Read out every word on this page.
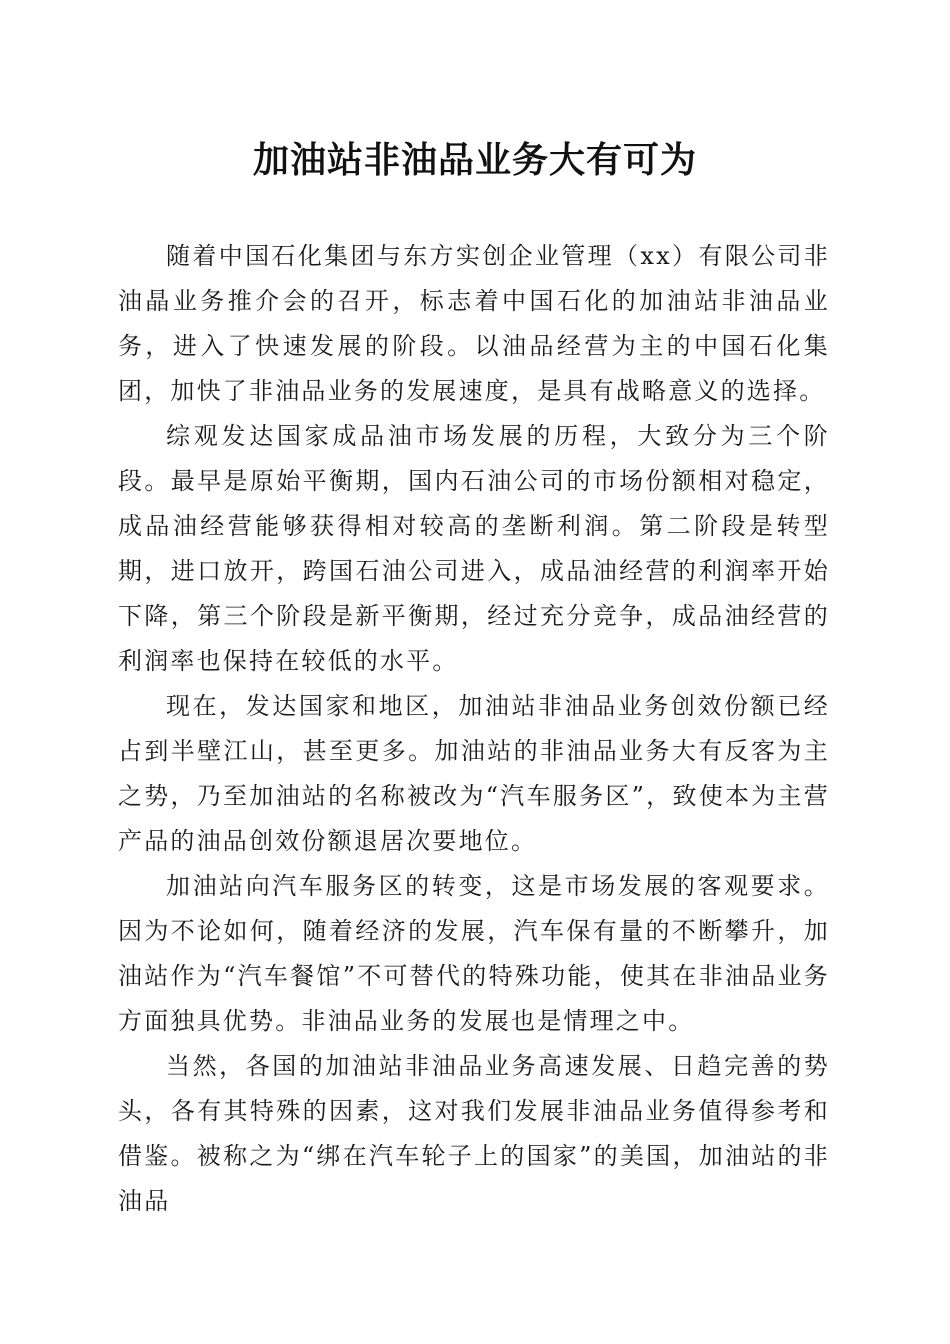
加油站非油品业务大有可为

随着中国石化集团与东方实创企业管理（xx）有限公司非油晶业务推介会的召开，标志着中国石化的加油站非油品业务，进入了快速发展的阶段。以油品经营为主的中国石化集团，加快了非油品业务的发展速度，是具有战略意义的选择。

综观发达国家成品油市场发展的历程，大致分为三个阶段。最早是原始平衡期，国内石油公司的市场份额相对稳定，成品油经营能够获得相对较高的垄断利润。第二阶段是转型期，进口放开，跨国石油公司进入，成品油经营的利润率开始下降，第三个阶段是新平衡期，经过充分竞争，成品油经营的利润率也保持在较低的水平。

现在，发达国家和地区，加油站非油品业务创效份额已经占到半壁江山，甚至更多。加油站的非油品业务大有反客为主之势，乃至加油站的名称被改为“汽车服务区”，致使本为主营产品的油品创效份额退居次要地位。

加油站向汽车服务区的转变，这是市场发展的客观要求。因为不论如何，随着经济的发展，汽车保有量的不断攀升，加油站作为“汽车餐馆”不可替代的特殊功能，使其在非油品业务方面独具优势。非油品业务的发展也是情理之中。

当然，各国的加油站非油品业务高速发展、日趋完善的势头，各有其特殊的因素，这对我们发展非油品业务值得参考和借鉴。被称之为“绑在汽车轮子上的国家”的美国，加油站的非油品
